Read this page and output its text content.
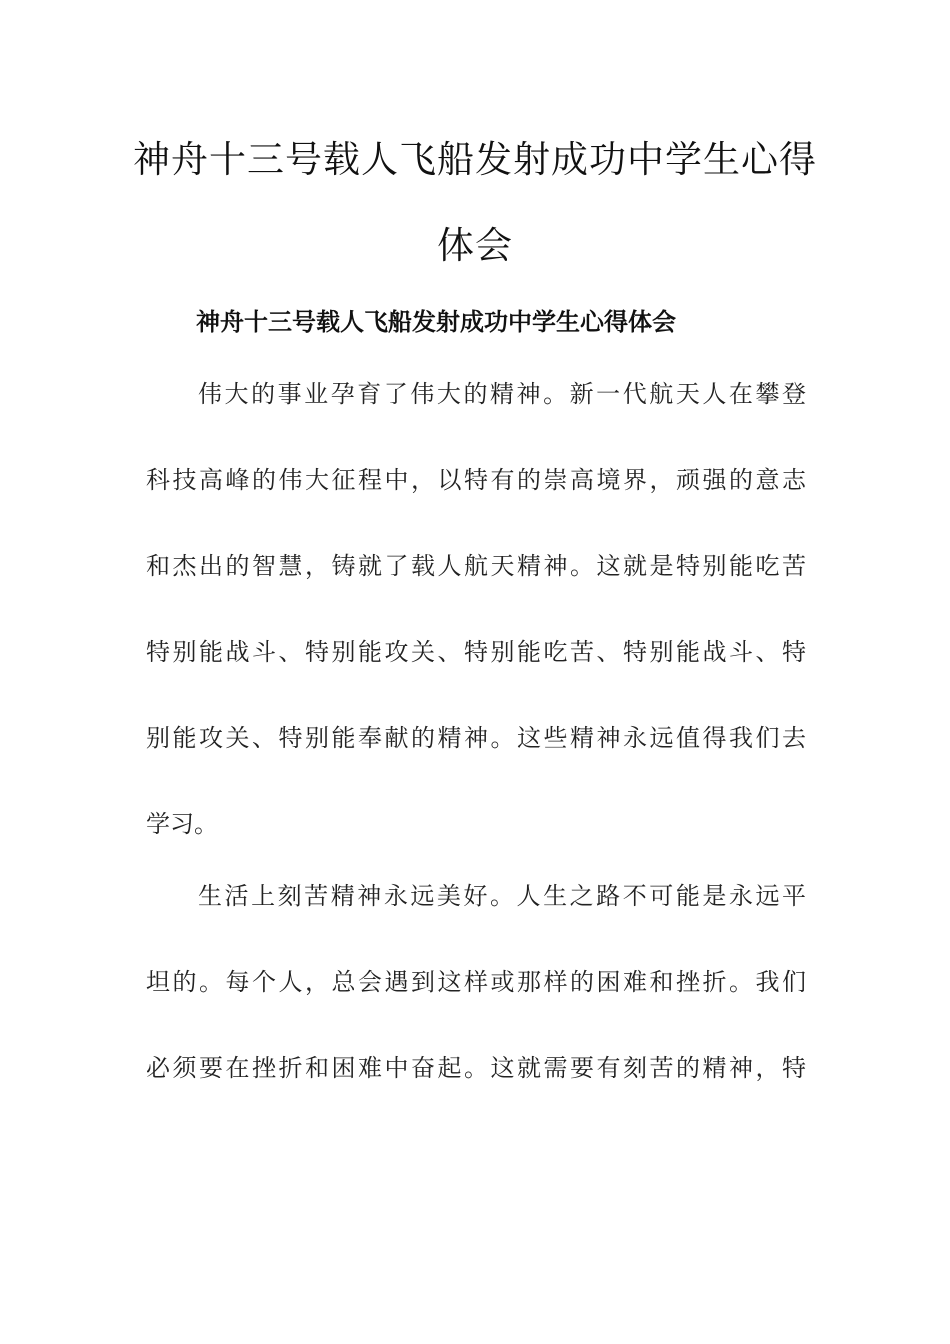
神舟十三号载人飞船发射成功中学生心得
体会
神舟十三号载人飞船发射成功中学生心得体会
伟大的事业孕育了伟大的精神。新一代航天人在攀登
科技高峰的伟大征程中，以特有的崇高境界，顽强的意志
和杰出的智慧，铸就了载人航天精神。这就是特别能吃苦
特别能战斗、特别能攻关、特别能吃苦、特别能战斗、特
别能攻关、特别能奉献的精神。这些精神永远值得我们去
学习。
生活上刻苦精神永远美好。人生之路不可能是永远平
坦的。每个人，总会遇到这样或那样的困难和挫折。我们
必须要在挫折和困难中奋起。这就需要有刻苦的精神，特
